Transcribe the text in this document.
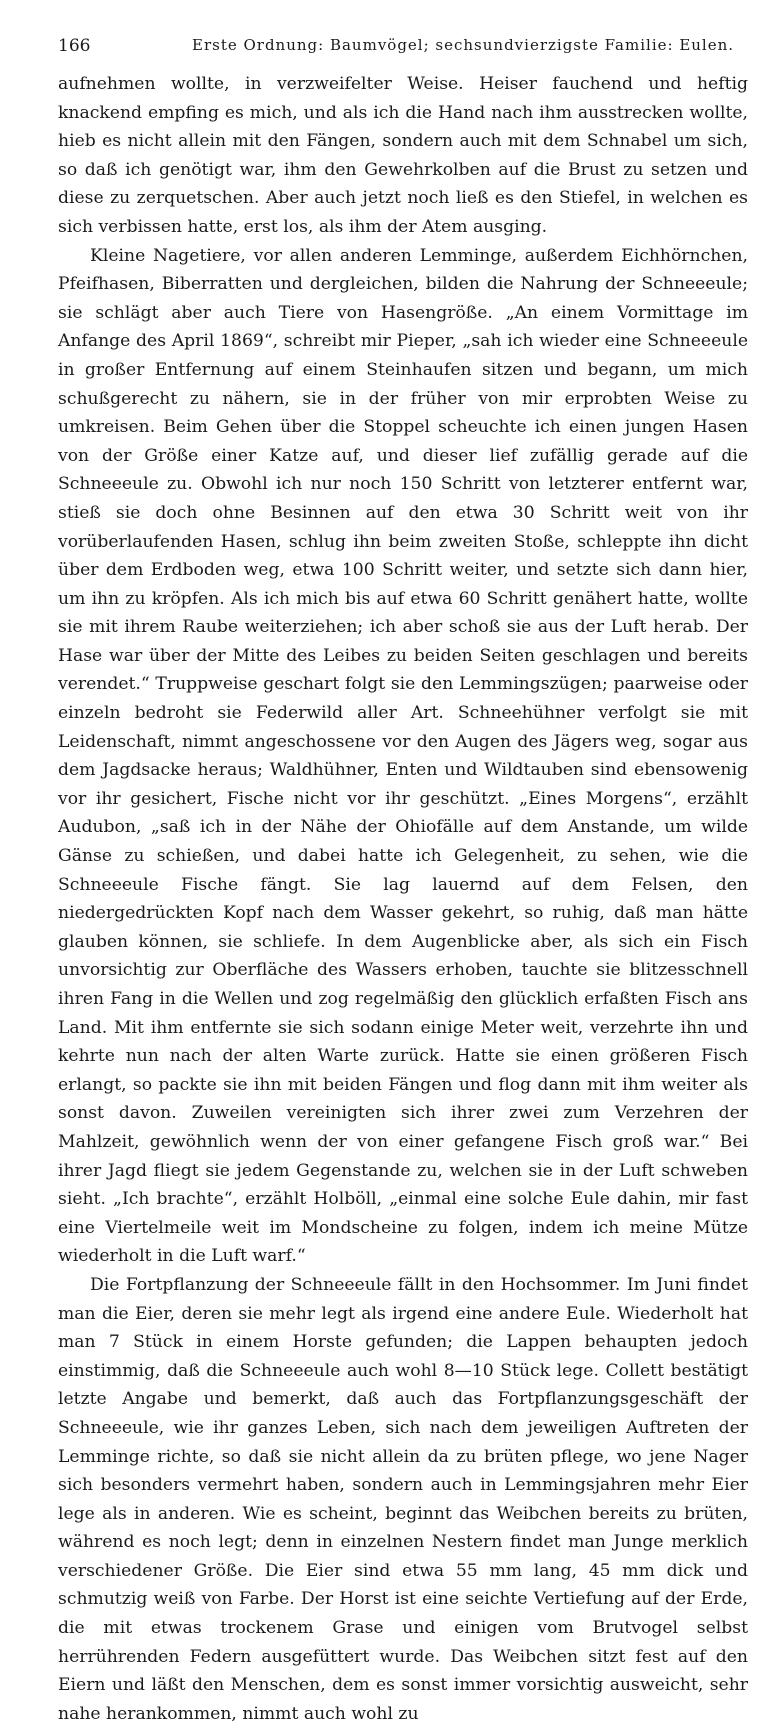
166	Erste Ordnung: Baumvögel; sechsundvierzigste Familie: Eulen.

aufnehmen wollte, in verzweifelter Weise. Heiser fauchend und heftig knackend empfing es mich, und als ich die Hand nach ihm ausstrecken wollte, hieb es nicht allein mit den Fängen, sondern auch mit dem Schnabel um sich, so daß ich genötigt war, ihm den Gewehrkolben auf die Brust zu setzen und diese zu zerquetschen. Aber auch jetzt noch ließ es den Stiefel, in welchen es sich verbissen hatte, erst los, als ihm der Atem ausging.

Kleine Nagetiere, vor allen anderen Lemminge, außerdem Eichhörnchen, Pfeifhasen, Biberratten und dergleichen, bilden die Nahrung der Schneeeule; sie schlägt aber auch Tiere von Hasengröße. „An einem Vormittage im Anfange des April 1869“, schreibt mir Pieper, „sah ich wieder eine Schneeeule in großer Entfernung auf einem Steinhaufen sitzen und begann, um mich schußgerecht zu nähern, sie in der früher von mir erprobten Weise zu umkreisen. Beim Gehen über die Stoppel scheuchte ich einen jungen Hasen von der Größe einer Katze auf, und dieser lief zufällig gerade auf die Schneeeule zu. Obwohl ich nur noch 150 Schritt von letzterer entfernt war, stieß sie doch ohne Besinnen auf den etwa 30 Schritt weit von ihr vorüberlaufenden Hasen, schlug ihn beim zweiten Stoße, schleppte ihn dicht über dem Erdboden weg, etwa 100 Schritt weiter, und setzte sich dann hier, um ihn zu kröpfen. Als ich mich bis auf etwa 60 Schritt genähert hatte, wollte sie mit ihrem Raube weiterziehen; ich aber schoß sie aus der Luft herab. Der Hase war über der Mitte des Leibes zu beiden Seiten geschlagen und bereits verendet.“ Truppweise geschart folgt sie den Lemmingszügen; paarweise oder einzeln bedroht sie Federwild aller Art. Schneehühner verfolgt sie mit Leidenschaft, nimmt angeschossene vor den Augen des Jägers weg, sogar aus dem Jagdsacke heraus; Waldhühner, Enten und Wildtauben sind ebensowenig vor ihr gesichert, Fische nicht vor ihr geschützt. „Eines Morgens“, erzählt Audubon, „saß ich in der Nähe der Ohiofälle auf dem Anstande, um wilde Gänse zu schießen, und dabei hatte ich Gelegenheit, zu sehen, wie die Schneeeule Fische fängt. Sie lag lauernd auf dem Felsen, den niedergedrückten Kopf nach dem Wasser gekehrt, so ruhig, daß man hätte glauben können, sie schliefe. In dem Augenblicke aber, als sich ein Fisch unvorsichtig zur Oberfläche des Wassers erhoben, tauchte sie blitzesschnell ihren Fang in die Wellen und zog regelmäßig den glücklich erfaßten Fisch ans Land. Mit ihm entfernte sie sich sodann einige Meter weit, verzehrte ihn und kehrte nun nach der alten Warte zurück. Hatte sie einen größeren Fisch erlangt, so packte sie ihn mit beiden Fängen und flog dann mit ihm weiter als sonst davon. Zuweilen vereinigten sich ihrer zwei zum Verzehren der Mahlzeit, gewöhnlich wenn der von einer gefangene Fisch groß war.“ Bei ihrer Jagd fliegt sie jedem Gegenstande zu, welchen sie in der Luft schweben sieht. „Ich brachte“, erzählt Holböll, „einmal eine solche Eule dahin, mir fast eine Viertelmeile weit im Mondscheine zu folgen, indem ich meine Mütze wiederholt in die Luft warf.“

Die Fortpflanzung der Schneeeule fällt in den Hochsommer. Im Juni findet man die Eier, deren sie mehr legt als irgend eine andere Eule. Wiederholt hat man 7 Stück in einem Horste gefunden; die Lappen behaupten jedoch einstimmig, daß die Schneeeule auch wohl 8—10 Stück lege. Collett bestätigt letzte Angabe und bemerkt, daß auch das Fortpflanzungsgeschäft der Schneeeule, wie ihr ganzes Leben, sich nach dem jeweiligen Auftreten der Lemminge richte, so daß sie nicht allein da zu brüten pflege, wo jene Nager sich besonders vermehrt haben, sondern auch in Lemmingsjahren mehr Eier lege als in anderen. Wie es scheint, beginnt das Weibchen bereits zu brüten, während es noch legt; denn in einzelnen Nestern findet man Junge merklich verschiedener Größe. Die Eier sind etwa 55 mm lang, 45 mm dick und schmutzig weiß von Farbe. Der Horst ist eine seichte Vertiefung auf der Erde, die mit etwas trockenem Grase und einigen vom Brutvogel selbst herrührenden Federn ausgefüttert wurde. Das Weibchen sitzt fest auf den Eiern und läßt den Menschen, dem es sonst immer vorsichtig ausweicht, sehr nahe herankommen, nimmt auch wohl zu
